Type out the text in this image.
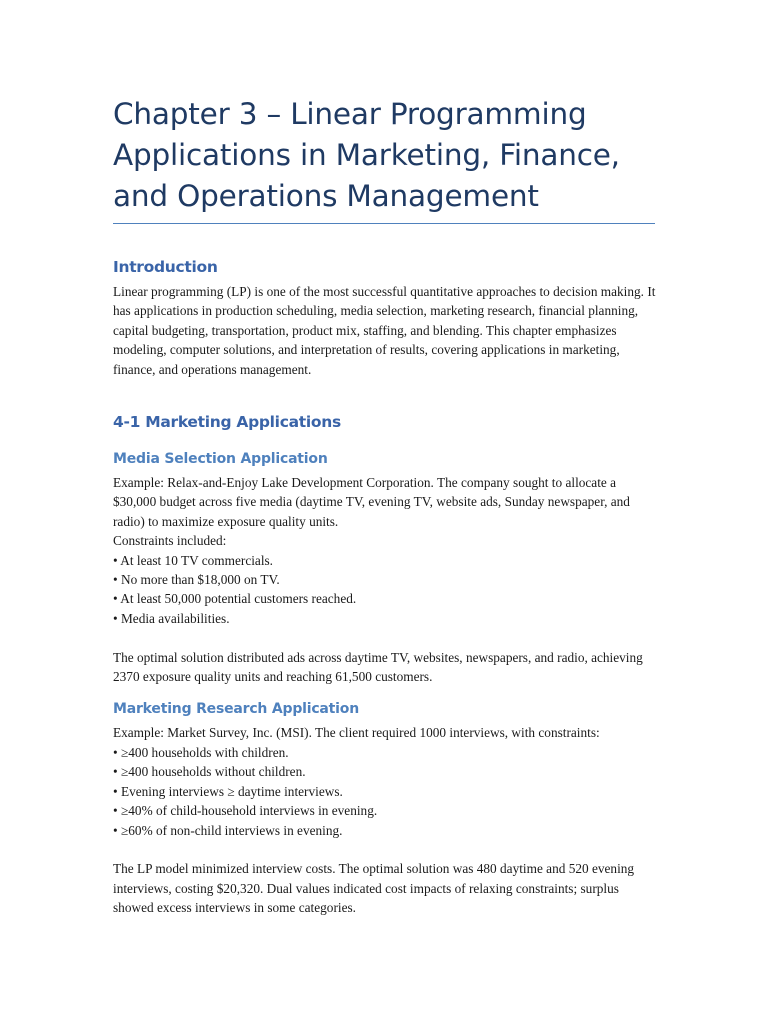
Chapter 3 – Linear Programming Applications in Marketing, Finance, and Operations Management
Introduction

Linear programming (LP) is one of the most successful quantitative approaches to decision making. It has applications in production scheduling, media selection, marketing research, financial planning, capital budgeting, transportation, product mix, staffing, and blending. This chapter emphasizes modeling, computer solutions, and interpretation of results, covering applications in marketing, finance, and operations management.

4-1 Marketing Applications
Media Selection Application

Example: Relax-and-Enjoy Lake Development Corporation. The company sought to allocate a $30,000 budget across five media (daytime TV, evening TV, website ads, Sunday newspaper, and radio) to maximize exposure quality units.

Constraints included:
• At least 10 TV commercials.
• No more than $18,000 on TV.
• At least 50,000 potential customers reached.
• Media availabilities.

The optimal solution distributed ads across daytime TV, websites, newspapers, and radio, achieving 2370 exposure quality units and reaching 61,500 customers.

Marketing Research Application

Example: Market Survey, Inc. (MSI). The client required 1000 interviews, with constraints:

• ≥400 households with children.
• ≥400 households without children.
• Evening interviews ≥ daytime interviews.
• ≥40% of child-household interviews in evening.
• ≥60% of non-child interviews in evening.

The LP model minimized interview costs. The optimal solution was 480 daytime and 520 evening interviews, costing $20,320. Dual values indicated cost impacts of relaxing constraints; surplus showed excess interviews in some categories.
